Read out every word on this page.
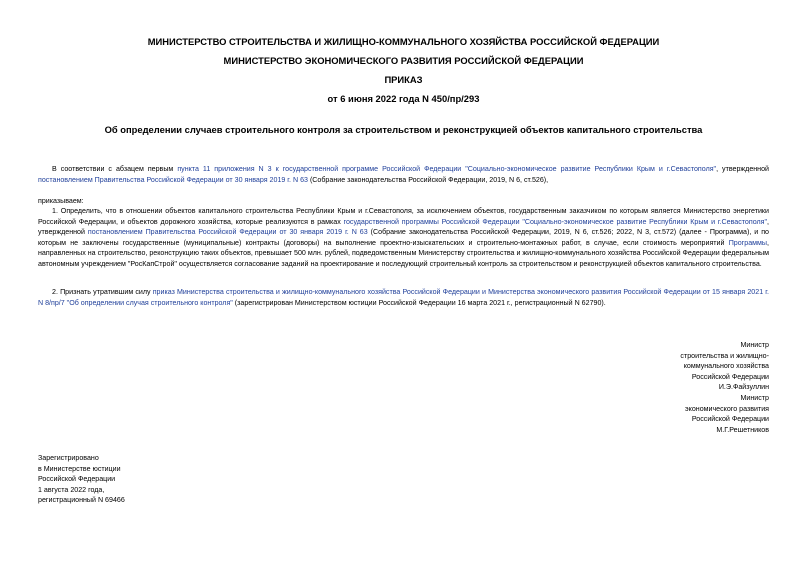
МИНИСТЕРСТВО СТРОИТЕЛЬСТВА И ЖИЛИЩНО-КОММУНАЛЬНОГО ХОЗЯЙСТВА РОССИЙСКОЙ ФЕДЕРАЦИИ
МИНИСТЕРСТВО ЭКОНОМИЧЕСКОГО РАЗВИТИЯ РОССИЙСКОЙ ФЕДЕРАЦИИ
ПРИКАЗ
от 6 июня 2022 года N 450/пр/293
Об определении случаев строительного контроля за строительством и реконструкцией объектов капитального строительства
В соответствии с абзацем первым пункта 11 приложения N 3 к государственной программе Российской Федерации "Социально-экономическое развитие Республики Крым и г.Севастополя", утвержденной постановлением Правительства Российской Федерации от 30 января 2019 г. N 63 (Собрание законодательства Российской Федерации, 2019, N 6, ст.526),
приказываем:
1. Определить, что в отношении объектов капитального строительства Республики Крым и г.Севастополя, за исключением объектов, государственным заказчиком по которым является Министерство энергетики Российской Федерации, и объектов дорожного хозяйства, которые реализуются в рамках государственной программы Российской Федерации "Социально-экономическое развитие Республики Крым и г.Севастополя", утвержденной постановлением Правительства Российской Федерации от 30 января 2019 г. N 63 (Собрание законодательства Российской Федерации, 2019, N 6, ст.526; 2022, N 3, ст.572) (далее - Программа), и по которым не заключены государственные (муниципальные) контракты (договоры) на выполнение проектно-изыскательских и строительно-монтажных работ, в случае, если стоимость мероприятий Программы, направленных на строительство, реконструкцию таких объектов, превышает 500 млн. рублей, подведомственным Министерству строительства и жилищно-коммунального хозяйства Российской Федерации федеральным автономным учреждением "РосКапСтрой" осуществляется согласование заданий на проектирование и последующий строительный контроль за строительством и реконструкцией объектов капитального строительства.
2. Признать утратившим силу приказ Министерства строительства и жилищно-коммунального хозяйства Российской Федерации и Министерства экономического развития Российской Федерации от 15 января 2021 г. N 8/пр/7 "Об определении случая строительного контроля" (зарегистрирован Министерством юстиции Российской Федерации 16 марта 2021 г., регистрационный N 62790).
Министр
строительства и жилищно-
коммунального хозяйства
Российской Федерации
И.Э.Файзуллин
Министр
экономического развития
Российской Федерации
М.Г.Решетников
Зарегистрировано
в Министерстве юстиции
Российской Федерации
1 августа 2022 года,
регистрационный N 69466
